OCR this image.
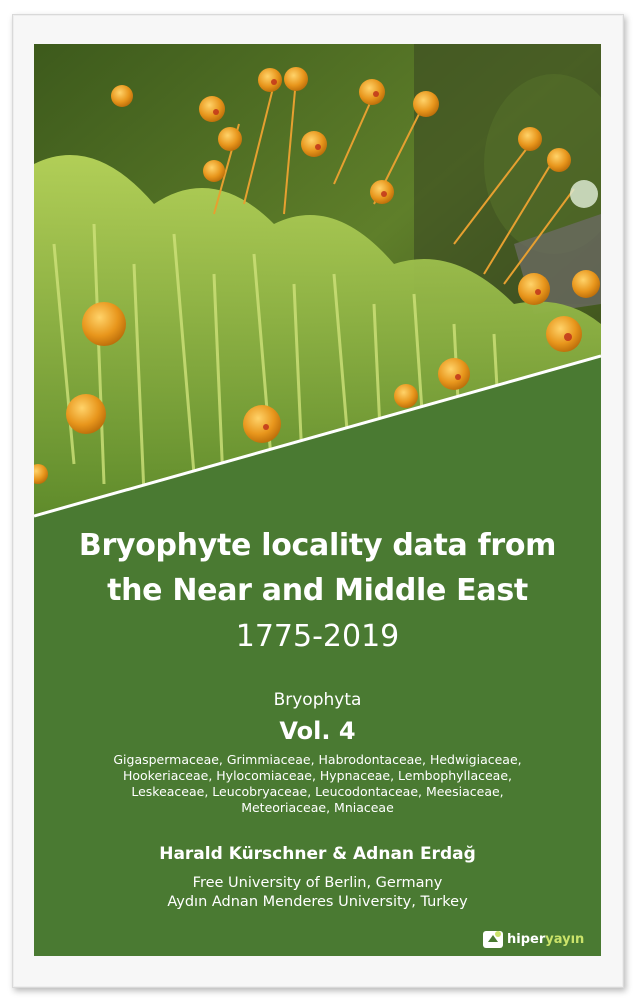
Bryophyte locality data from
the Near and Middle East
1775-2019
Bryophyta
Vol. 4
Gigaspermaceae, Grimmiaceae, Habrodontaceae, Hedwigiaceae,
Hookeriaceae, Hylocomiaceae, Hypnaceae, Lembophyllaceae,
Leskeaceae, Leucobryaceae, Leucodontaceae, Meesiaceae,
Meteoriaceae, Mniaceae
Harald Kürschner & Adnan Erdağ
Free University of Berlin, Germany
Aydın Adnan Menderes University, Turkey
hiperyayın
